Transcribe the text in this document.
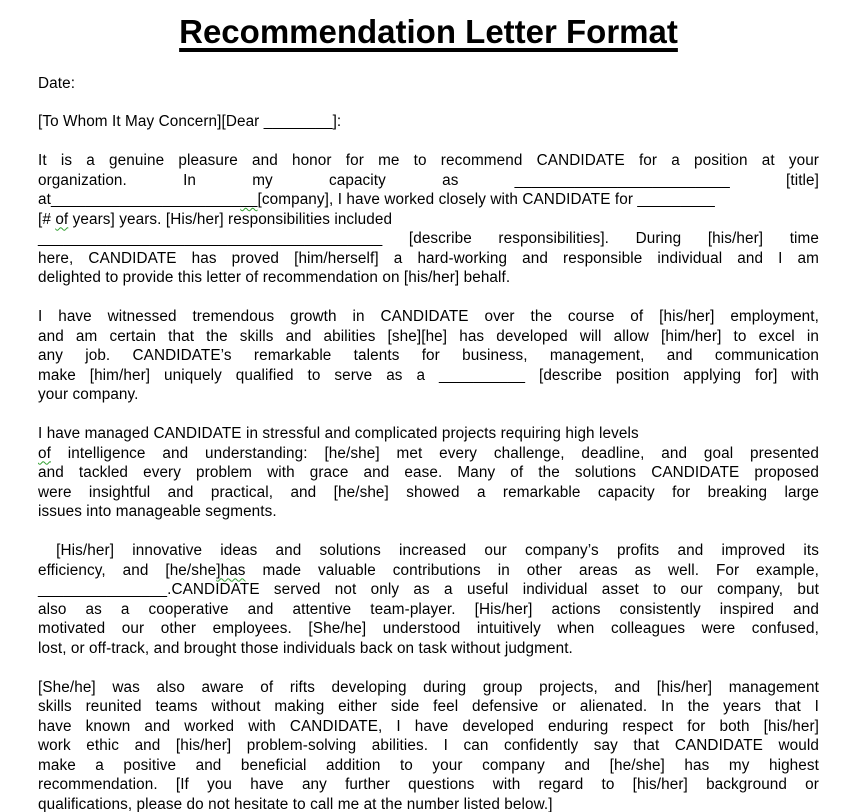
Recommendation Letter Format
Date:
[To Whom It May Concern][Dear ________]:
It is a genuine pleasure and honor for me to recommend CANDIDATE for a position at your
organization. In my capacity as _________________________ [title]
at________________________[company], I have worked closely with CANDIDATE for _________
[# of years] years. [His/her] responsibilities included
________________________________________ [describe responsibilities]. During [his/her] time
here, CANDIDATE has proved [him/herself] a hard-working and responsible individual and I am
delighted to provide this letter of recommendation on [his/her] behalf.
I have witnessed tremendous growth in CANDIDATE over the course of [his/her] employment,
and am certain that the skills and abilities [she][he] has developed will allow [him/her] to excel in
any job. CANDIDATE’s remarkable talents for business, management, and communication
make [him/her] uniquely qualified to serve as a __________ [describe position applying for] with
your company.
I have managed CANDIDATE in stressful and complicated projects requiring high levels
of intelligence and understanding: [he/she] met every challenge, deadline, and goal presented
and tackled every problem with grace and ease. Many of the solutions CANDIDATE proposed
were insightful and practical, and [he/she] showed a remarkable capacity for breaking large
issues into manageable segments.
[His/her] innovative ideas and solutions increased our company’s profits and improved its
efficiency, and [he/she]has made valuable contributions in other areas as well. For example,
_______________.CANDIDATE served not only as a useful individual asset to our company, but
also as a cooperative and attentive team-player. [His/her] actions consistently inspired and
motivated our other employees. [She/he] understood intuitively when colleagues were confused,
lost, or off-track, and brought those individuals back on task without judgment.
[She/he] was also aware of rifts developing during group projects, and [his/her] management
skills reunited teams without making either side feel defensive or alienated. In the years that I
have known and worked with CANDIDATE, I have developed enduring respect for both [his/her]
work ethic and [his/her] problem-solving abilities. I can confidently say that CANDIDATE would
make a positive and beneficial addition to your company and [he/she] has my highest
recommendation. [If you have any further questions with regard to [his/her] background or
qualifications, please do not hesitate to call me at the number listed below.]
